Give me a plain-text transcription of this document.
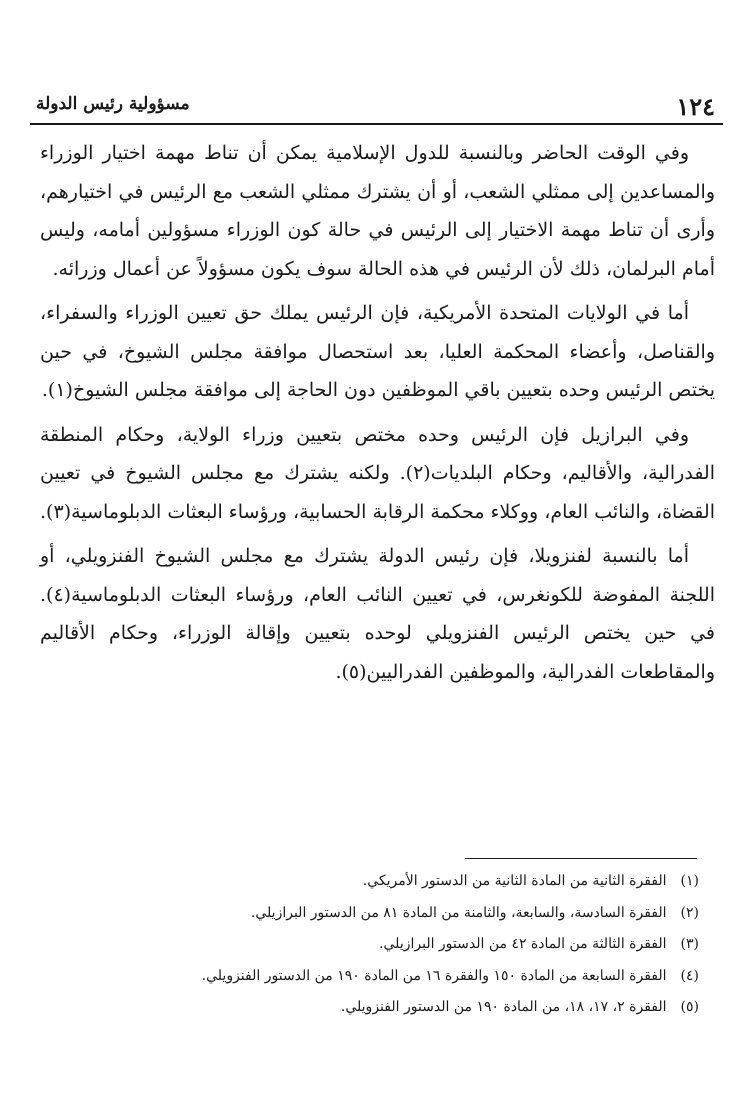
١٢٤
مسؤولية رئيس الدولة

وفي الوقت الحاضر وبالنسبة للدول الإسلامية يمكن أن تناط مهمة اختيار الوزراء والمساعدين إلى ممثلي الشعب، أو أن يشترك ممثلي الشعب مع الرئيس في اختيارهم، وأرى أن تناط مهمة الاختيار إلى الرئيس في حالة كون الوزراء مسؤولين أمامه، وليس أمام البرلمان، ذلك لأن الرئيس في هذه الحالة سوف يكون مسؤولاً عن أعمال وزرائه.

أما في الولايات المتحدة الأمريكية، فإن الرئيس يملك حق تعيين الوزراء والسفراء، والقناصل، وأعضاء المحكمة العليا، بعد استحصال موافقة مجلس الشيوخ، في حين يختص الرئيس وحده بتعيين باقي الموظفين دون الحاجة إلى موافقة مجلس الشيوخ(١).

وفي البرازيل فإن الرئيس وحده مختص بتعيين وزراء الولاية، وحكام المنطقة الفدرالية، والأقاليم، وحكام البلديات(٢). ولكنه يشترك مع مجلس الشيوخ في تعيين القضاة، والنائب العام، ووكلاء محكمة الرقابة الحسابية، ورؤساء البعثات الدبلوماسية(٣).

أما بالنسبة لفنزويلا، فإن رئيس الدولة يشترك مع مجلس الشيوخ الفنزويلي، أو اللجنة المفوضة للكونغرس، في تعيين النائب العام، ورؤساء البعثات الدبلوماسية(٤). في حين يختص الرئيس الفنزويلي لوحده بتعيين وإقالة الوزراء، وحكام الأقاليم والمقاطعات الفدرالية، والموظفين الفدراليين(٥).

(١) الفقرة الثانية من المادة الثانية من الدستور الأمريكي.
(٢) الفقرة السادسة، والسابعة، والثامنة من المادة ٨١ من الدستور البرازيلي.
(٣) الفقرة الثالثة من المادة ٤٢ من الدستور البرازيلي.
(٤) الفقرة السابعة من المادة ١٥٠ والفقرة ١٦ من المادة ١٩٠ من الدستور الفنزويلي.
(٥) الفقرة ٢، ١٧، ١٨، من المادة ١٩٠ من الدستور الفنزويلي.
